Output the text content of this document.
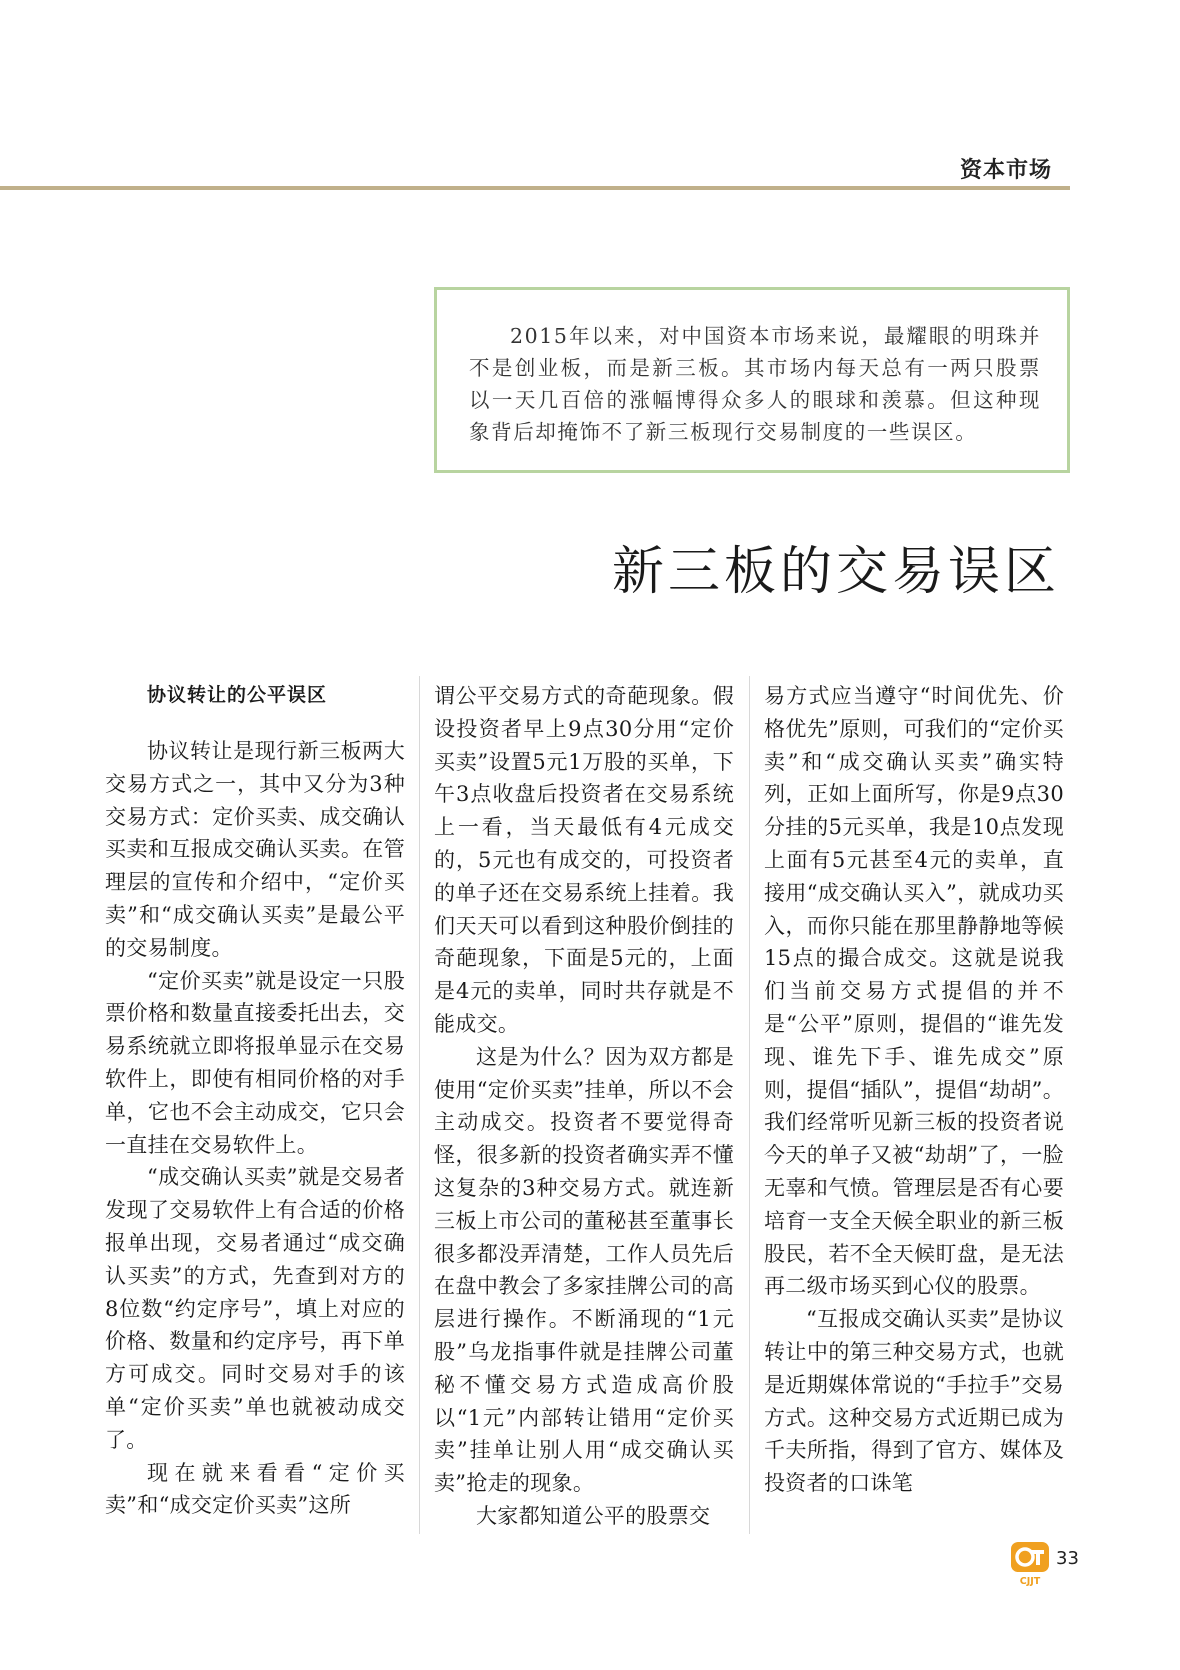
资本市场

2015年以来，对中国资本市场来说，最耀眼的明珠并不是创业板，而是新三板。其市场内每天总有一两只股票以一天几百倍的涨幅博得众多人的眼球和羡慕。但这种现象背后却掩饰不了新三板现行交易制度的一些误区。

新三板的交易误区
协议转让的公平误区

协议转让是现行新三板两大交易方式之一，其中又分为3种交易方式：定价买卖、成交确认买卖和互报成交确认买卖。在管理层的宣传和介绍中，“定价买卖”和“成交确认买卖”是最公平的交易制度。

“定价买卖”就是设定一只股票价格和数量直接委托出去，交易系统就立即将报单显示在交易软件上，即使有相同价格的对手单，它也不会主动成交，它只会一直挂在交易软件上。

“成交确认买卖”就是交易者发现了交易软件上有合适的价格报单出现，交易者通过“成交确认买卖”的方式，先查到对方的8位数“约定序号”，填上对应的价格、数量和约定序号，再下单方可成交。同时交易对手的该单“定价买卖”单也就被动成交了。

现在就来看看“定价买卖”和“成交定价买卖”这所

谓公平交易方式的奇葩现象。假设投资者早上9点30分用“定价买卖”设置5元1万股的买单，下午3点收盘后投资者在交易系统上一看，当天最低有4元成交的，5元也有成交的，可投资者的单子还在交易系统上挂着。我们天天可以看到这种股价倒挂的奇葩现象，下面是5元的，上面是4元的卖单，同时共存就是不能成交。

这是为什么？因为双方都是使用“定价买卖”挂单，所以不会主动成交。投资者不要觉得奇怪，很多新的投资者确实弄不懂这复杂的3种交易方式。就连新三板上市公司的董秘甚至董事长很多都没弄清楚，工作人员先后在盘中教会了多家挂牌公司的高层进行操作。不断涌现的“1元股”乌龙指事件就是挂牌公司董秘不懂交易方式造成高价股以“1元”内部转让错用“定价买卖”挂单让别人用“成交确认买卖”抢走的现象。

大家都知道公平的股票交

易方式应当遵守“时间优先、价格优先”原则，可我们的“定价买卖”和“成交确认买卖”确实特列，正如上面所写，你是9点30分挂的5元买单，我是10点发现上面有5元甚至4元的卖单，直接用“成交确认买入”，就成功买入，而你只能在那里静静地等候15点的撮合成交。这就是说我们当前交易方式提倡的并不是“公平”原则，提倡的“谁先发现、谁先下手、谁先成交”原则，提倡“插队”，提倡“劫胡”。我们经常听见新三板的投资者说今天的单子又被“劫胡”了，一脸无辜和气愤。管理层是否有心要培育一支全天候全职业的新三板股民，若不全天候盯盘，是无法再二级市场买到心仪的股票。

“互报成交确认买卖”是协议转让中的第三种交易方式，也就是近期媒体常说的“手拉手”交易方式。这种交易方式近期已成为千夫所指，得到了官方、媒体及投资者的口诛笔

CJJT
33
